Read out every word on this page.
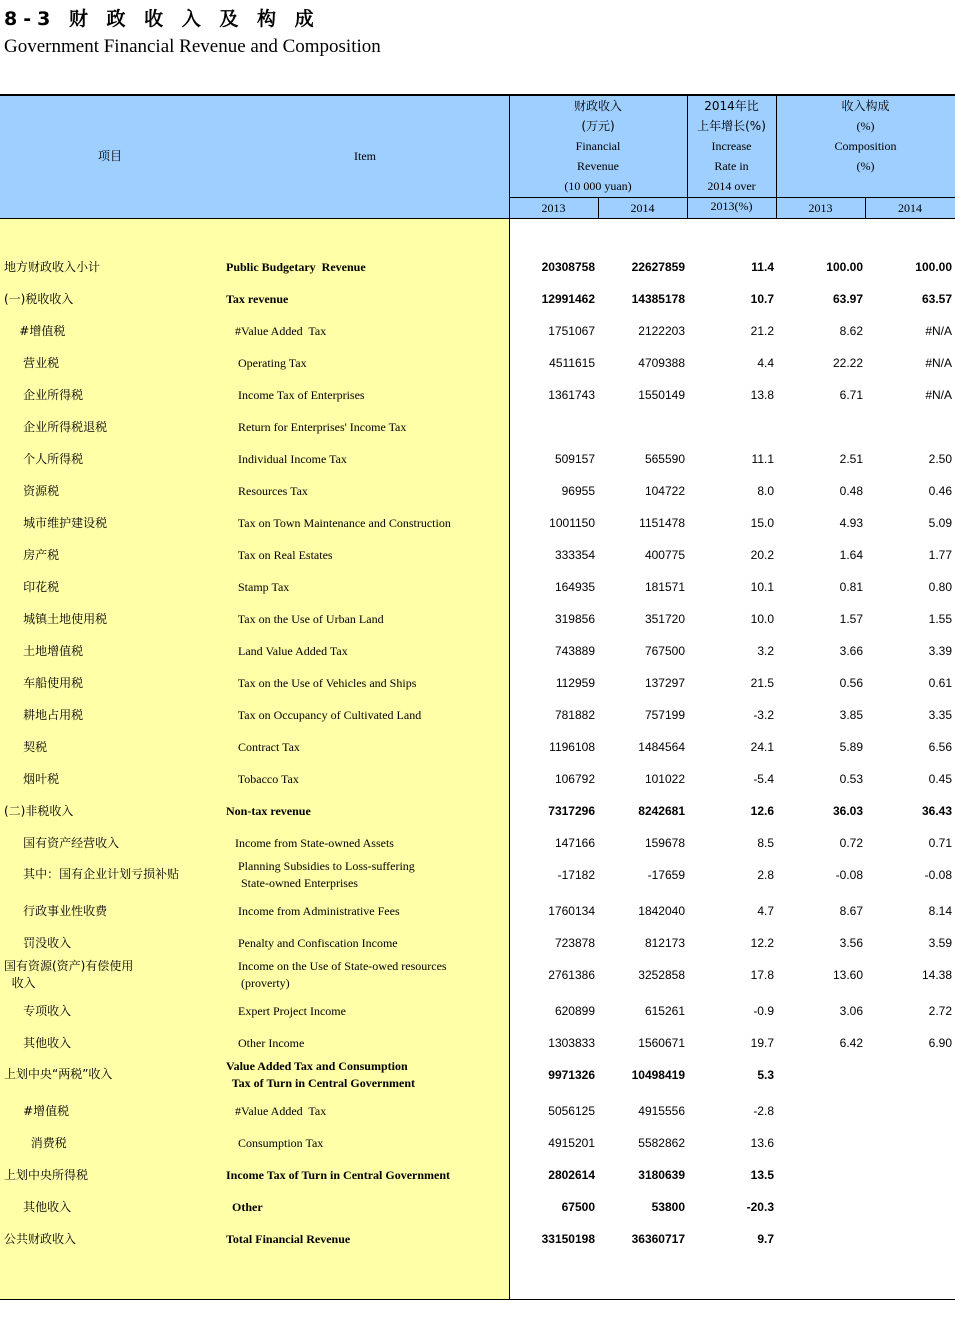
8-3 财 政 收 入 及 构 成
Government Financial Revenue and Composition
项目	Item
财政收入
(万元)
Financial
Revenue
(10 000 yuan)
2014年比
上年增长(%)
Increase
Rate in
2014 over
2013(%)
收入构成
(%)
Composition
(%)
2013	2014	2013	2014
地方财政收入小计	Public Budgetary  Revenue	20308758	22627859	11.4	100.00	100.00
(一)税收收入	Tax revenue	12991462	14385178	10.7	63.97	63.57
#增值税	#Value Added  Tax	1751067	2122203	21.2	8.62	#N/A
营业税	Operating Tax	4511615	4709388	4.4	22.22	#N/A
企业所得税	Income Tax of Enterprises	1361743	1550149	13.8	6.71	#N/A
企业所得税退税	Return for Enterprises' Income Tax
个人所得税	Individual Income Tax	509157	565590	11.1	2.51	2.50
资源税	Resources Tax	96955	104722	8.0	0.48	0.46
城市维护建设税	Tax on Town Maintenance and Construction	1001150	1151478	15.0	4.93	5.09
房产税	Tax on Real Estates	333354	400775	20.2	1.64	1.77
印花税	Stamp Tax	164935	181571	10.1	0.81	0.80
城镇土地使用税	Tax on the Use of Urban Land	319856	351720	10.0	1.57	1.55
土地增值税	Land Value Added Tax	743889	767500	3.2	3.66	3.39
车船使用税	Tax on the Use of Vehicles and Ships	112959	137297	21.5	0.56	0.61
耕地占用税	Tax on Occupancy of Cultivated Land	781882	757199	-3.2	3.85	3.35
契税	Contract Tax	1196108	1484564	24.1	5.89	6.56
烟叶税	Tobacco Tax	106792	101022	-5.4	0.53	0.45
(二)非税收入	Non-tax revenue	7317296	8242681	12.6	36.03	36.43
国有资产经营收入	Income from State-owned Assets	147166	159678	8.5	0.72	0.71
其中：国有企业计划亏损补贴
Planning Subsidies to Loss-suffering
State-owned Enterprises
-17182	-17659	2.8	-0.08	-0.08
行政事业性收费	Income from Administrative Fees	1760134	1842040	4.7	8.67	8.14
罚没收入	Penalty and Confiscation Income	723878	812173	12.2	3.56	3.59
国有资源(资产)有偿使用
收入
Income on the Use of State-owed resources
(proverty)
2761386	3252858	17.8	13.60	14.38
专项收入	Expert Project Income	620899	615261	-0.9	3.06	2.72
其他收入	Other Income	1303833	1560671	19.7	6.42	6.90
上划中央“两税”收入
Value Added Tax and Consumption
Tax of Turn in Central Government
9971326	10498419	5.3
#增值税	#Value Added  Tax	5056125	4915556	-2.8
消费税	Consumption Tax	4915201	5582862	13.6
上划中央所得税	Income Tax of Turn in Central Government	2802614	3180639	13.5
其他收入	Other	67500	53800	-20.3
公共财政收入	Total Financial Revenue	33150198	36360717	9.7
